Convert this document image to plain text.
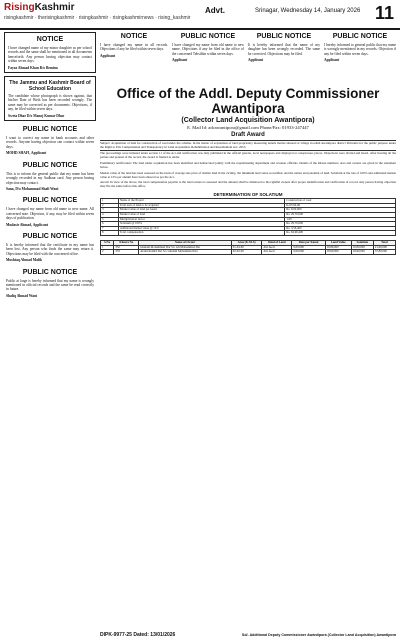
RisingKashmir
risingkashmir · therisingkashmir · risingkashmir · risingkashmirnews · rising_kashmir
Advt.	Srinagar, Wednesday 14, January 2026 11
NOTICE
I have changed name of my minor daughter as per school records and the same shall be mentioned in all documents henceforth. Any person having objection may contact within seven days.
Fayaz Ahmad Khan R/o Bemina
The Jammu and Kashmir Board of School Education
The candidate whose photograph is shown against, that his/her Date of Birth has been recorded wrongly. The same may be corrected as per documents. Objections, if any, be filed within seven days.
Sweta Dhar D/o Manoj Kumar Dhar
PUBLIC NOTICE
I want to correct my name in bank accounts and other records. Anyone having objection can contact within seven days.
MOHD SHAFI, Applicant
PUBLIC NOTICE
This is to inform the general public that my name has been wrongly recorded in my Aadhaar card. Any person having objection may contact.
Sana, D/o Mohammad Shafi Wani
PUBLIC NOTICE
I have changed my name from old name to new name. All concerned note. Objection, if any, may be filed within seven days of publication.
Mudasir Ahmad, Applicant
PUBLIC NOTICE
It is hereby informed that the certificate in my name has been lost. Any person who finds the same may return it. Objections may be filed with the concerned office.
Mushtaq Ahmad Malik
PUBLIC NOTICE
Public at large is hereby informed that my name is wrongly mentioned in official records and the same be read correctly in future.
Shafiq Ahmad Wani
NOTICE
I have changed my name in all records. Objections if any be filed within seven days.
Applicant
PUBLIC NOTICE
I have changed my name from old name to new name. Objections if any be filed in the office of the concerned Tehsildar within seven days.
Applicant
PUBLIC NOTICE
It is hereby informed that the name of my daughter has been wrongly recorded. The same be corrected. Objections may be filed.
Applicant
PUBLIC NOTICE
I hereby informed to general public that my name is wrongly mentioned in my records. Objection if any be filed within seven days.
Applicant
Office of the Addl. Deputy Commissioner Awantipora
(Collector Land Acquisition Awantipora)
E. Mail Id: adcawantipora@gmail.com Phone/Fax: 01933-247447
Draft Award
Subject: Acquisition of land for construction of road under the scheme. In the matter of acquisition of land proprietary measuring kanals marlas situated at village in tehsil Awantipora district Pulwama for the public purpose under the Right to Fair Compensation and Transparency in Land Acquisition, Rehabilitation and Resettlement Act, 2013.
The proceedings were initiated under section 11 of the Act and notification was duly published in the official gazette, local newspapers and displayed at conspicuous places. Objections were invited and heard. After hearing all the parties and perusal of the record, the award is framed as under.
Preliminary notification: The land under acquisition has been identified and demarcated jointly with the requisitioning department and revenue officials. Details of the khasra numbers, area and owners are given in the statement below.
Market value of the land has been assessed on the basis of average sale price of similar land in the vicinity, the minimum land value as notified, and the nature and potential of land. Solatium at the rate of 100% and additional market value at 12% per annum have been allowed as per the Act.
Award: In view of the above, the total compensation payable to the land owners is assessed and the amount shall be disbursed to the rightful owners after proper identification and verification of record. Any person having objection may file the same before this office.
DETERMINATION OF SOLATIUM
1	Name of the Project	Construction of road
2	Total area of land to be acquired	K-03 M-06
3	Market value of land per kanal	Rs. 9,00,000
4	Market value of land	Rs. 29,70,000
5	Multiplication factor	1.00
6	Solatium @ 100%	Rs. 29,70,000
7	Additional market value @ 12%	Rs. 3,56,400
8	Total compensation	Rs. 62,96,400
S.No	Khasra No	Name of Owner	Area (K-M-S)	Kind of Land	Rate per Kanal	Land Value	Solatium	Total
1	332	Ghulam Mohammad Dar S/o Ali Mohammad Dar	01-04-00	Abi Awal	9,00,000	10,80,000	10,80,000	21,60,000
2	333	Abdul Rashid Dar S/o Ghulam Mohammad Dar	02-02-00	Abi Awal	9,00,000	18,90,000	18,90,000	37,80,000
DIPK-9977-25 Dated: 13/01/2026	Sd/- Additional Deputy Commissioner Awantipora (Collector Land Acquisition) Awantipora
